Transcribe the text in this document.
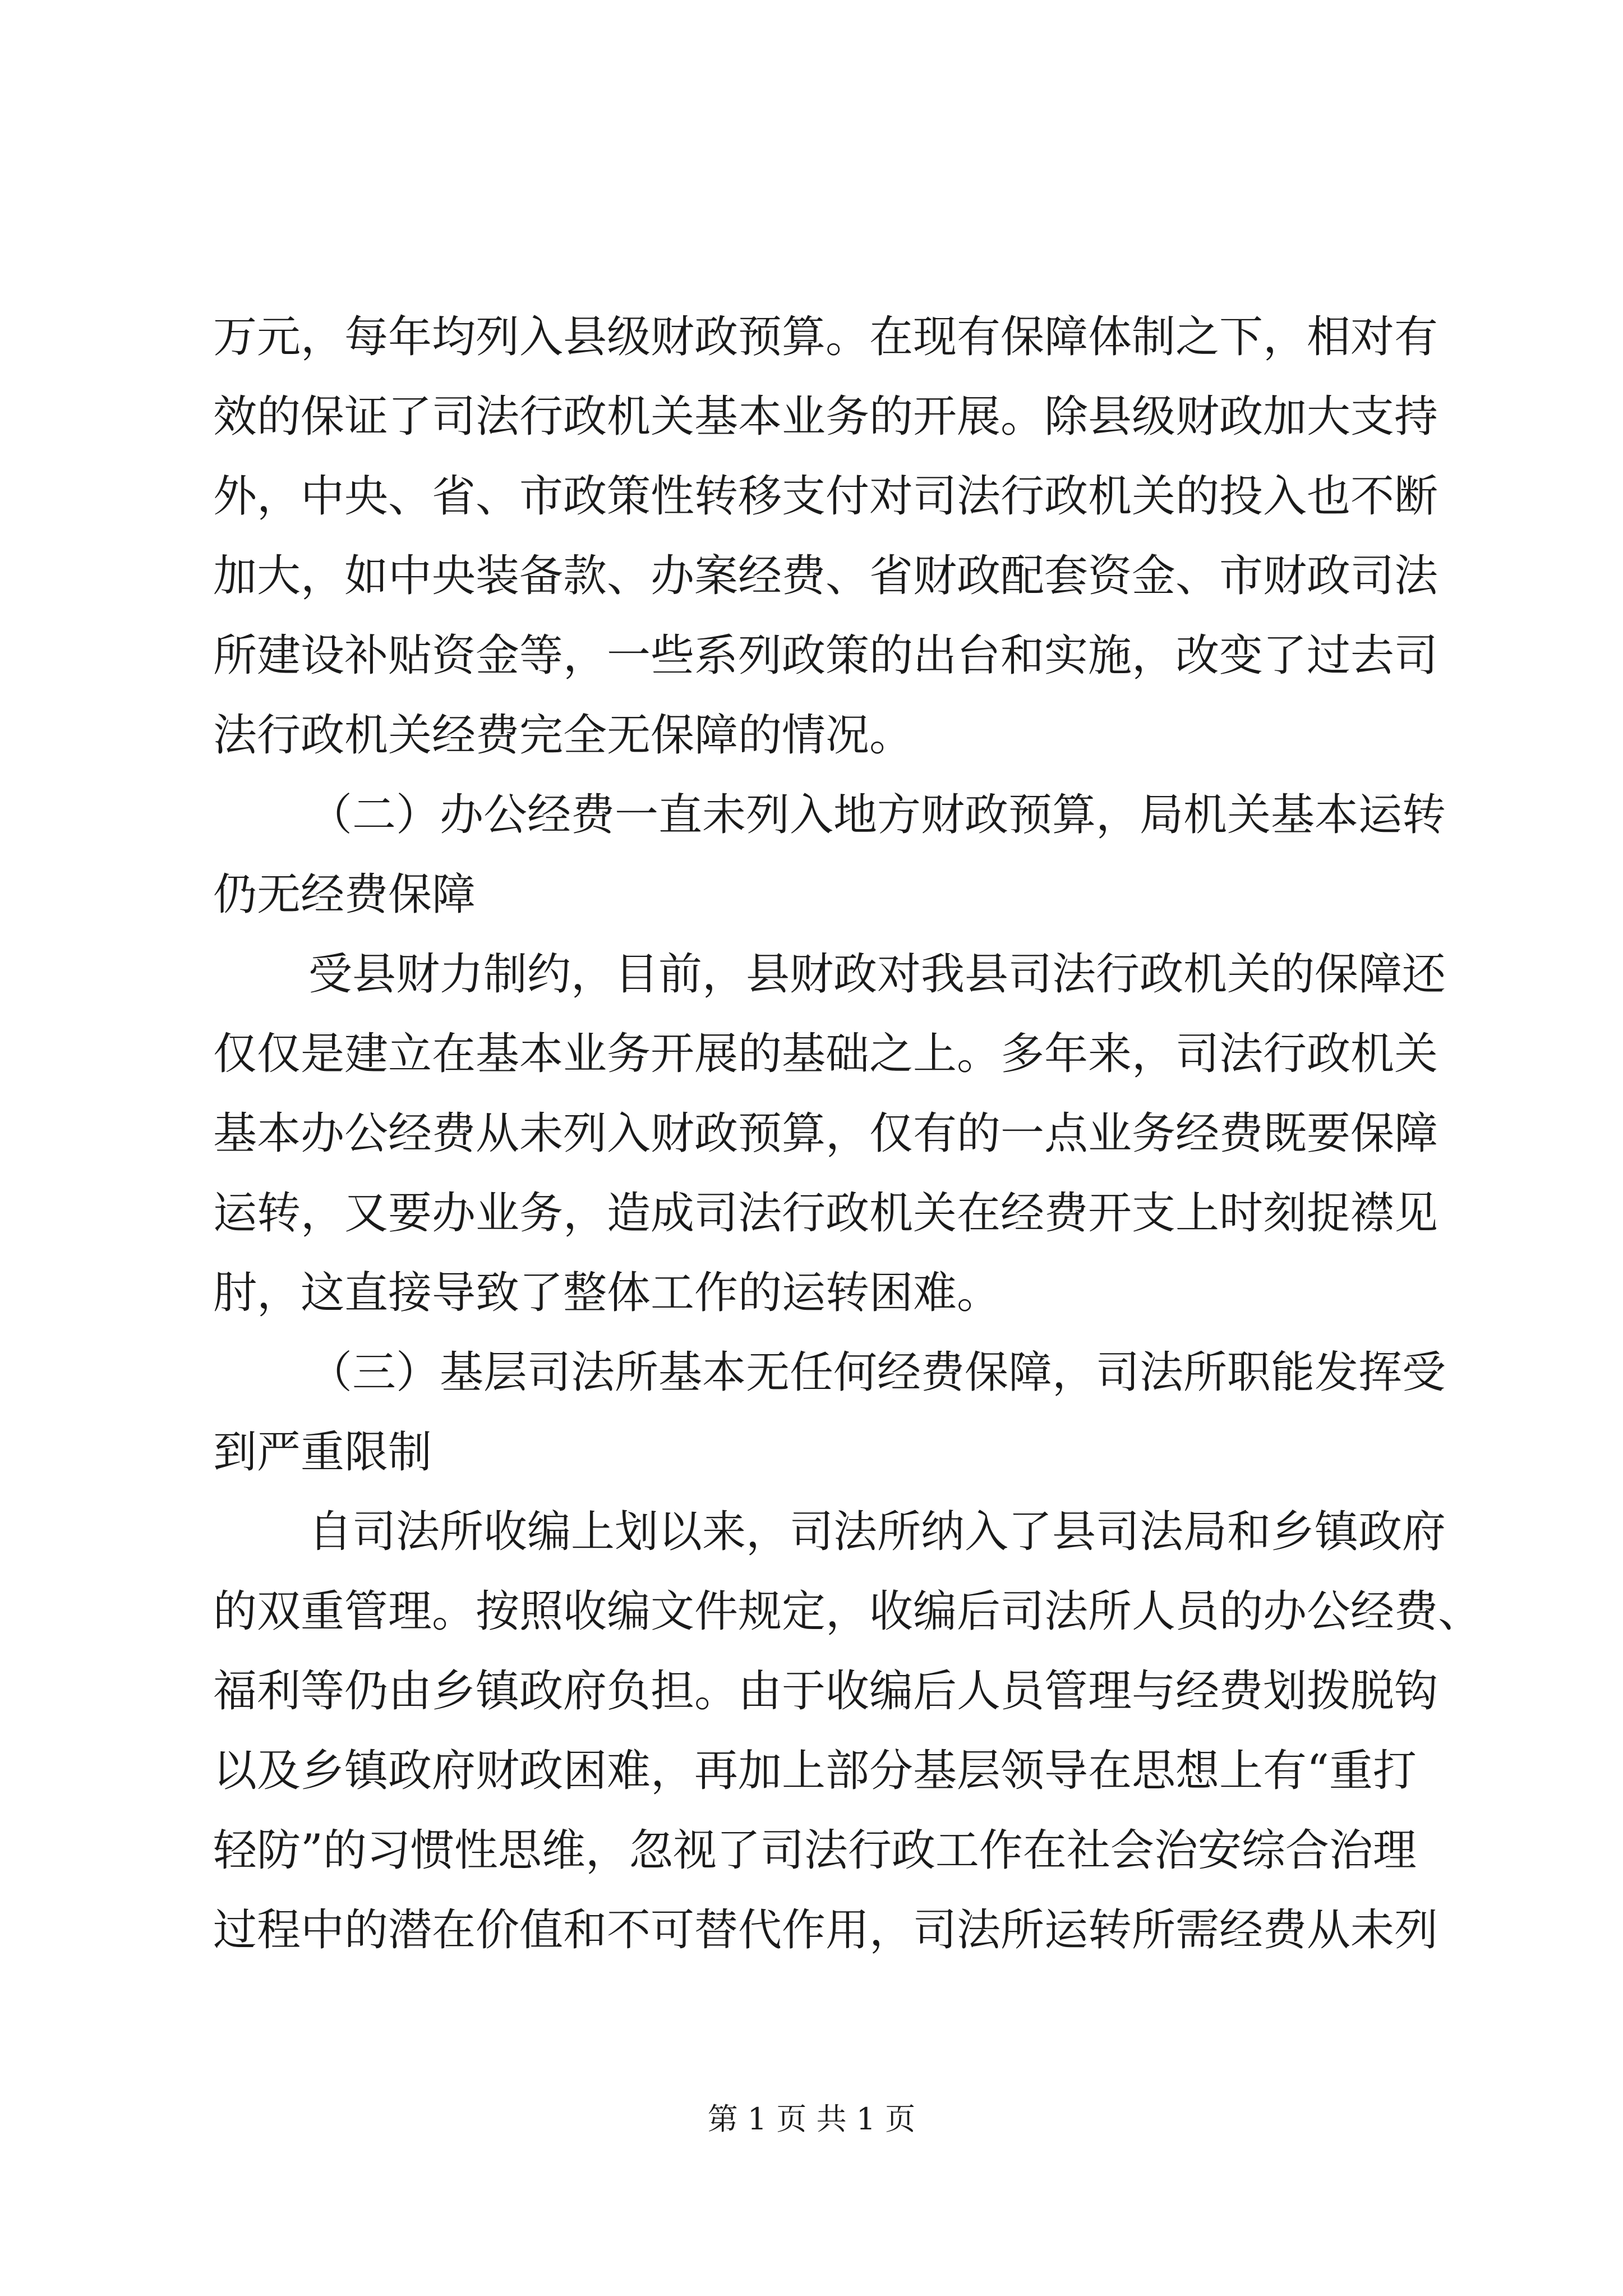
万元，每年均列入县级财政预算。在现有保障体制之下，相对有
效的保证了司法行政机关基本业务的开展。除县级财政加大支持
外，中央、省、市政策性转移支付对司法行政机关的投入也不断
加大，如中央装备款、办案经费、省财政配套资金、市财政司法
所建设补贴资金等，一些系列政策的出台和实施，改变了过去司
法行政机关经费完全无保障的情况。
（二）办公经费一直未列入地方财政预算，局机关基本运转
仍无经费保障
受县财力制约，目前，县财政对我县司法行政机关的保障还
仅仅是建立在基本业务开展的基础之上。多年来，司法行政机关
基本办公经费从未列入财政预算，仅有的一点业务经费既要保障
运转，又要办业务，造成司法行政机关在经费开支上时刻捉襟见
肘，这直接导致了整体工作的运转困难。
（三）基层司法所基本无任何经费保障，司法所职能发挥受
到严重限制
自司法所收编上划以来，司法所纳入了县司法局和乡镇政府
的双重管理。按照收编文件规定，收编后司法所人员的办公经费、
福利等仍由乡镇政府负担。由于收编后人员管理与经费划拨脱钩
以及乡镇政府财政困难，再加上部分基层领导在思想上有“重打
轻防”的习惯性思维，忽视了司法行政工作在社会治安综合治理
过程中的潜在价值和不可替代作用，司法所运转所需经费从未列
第 1 页 共 1 页
